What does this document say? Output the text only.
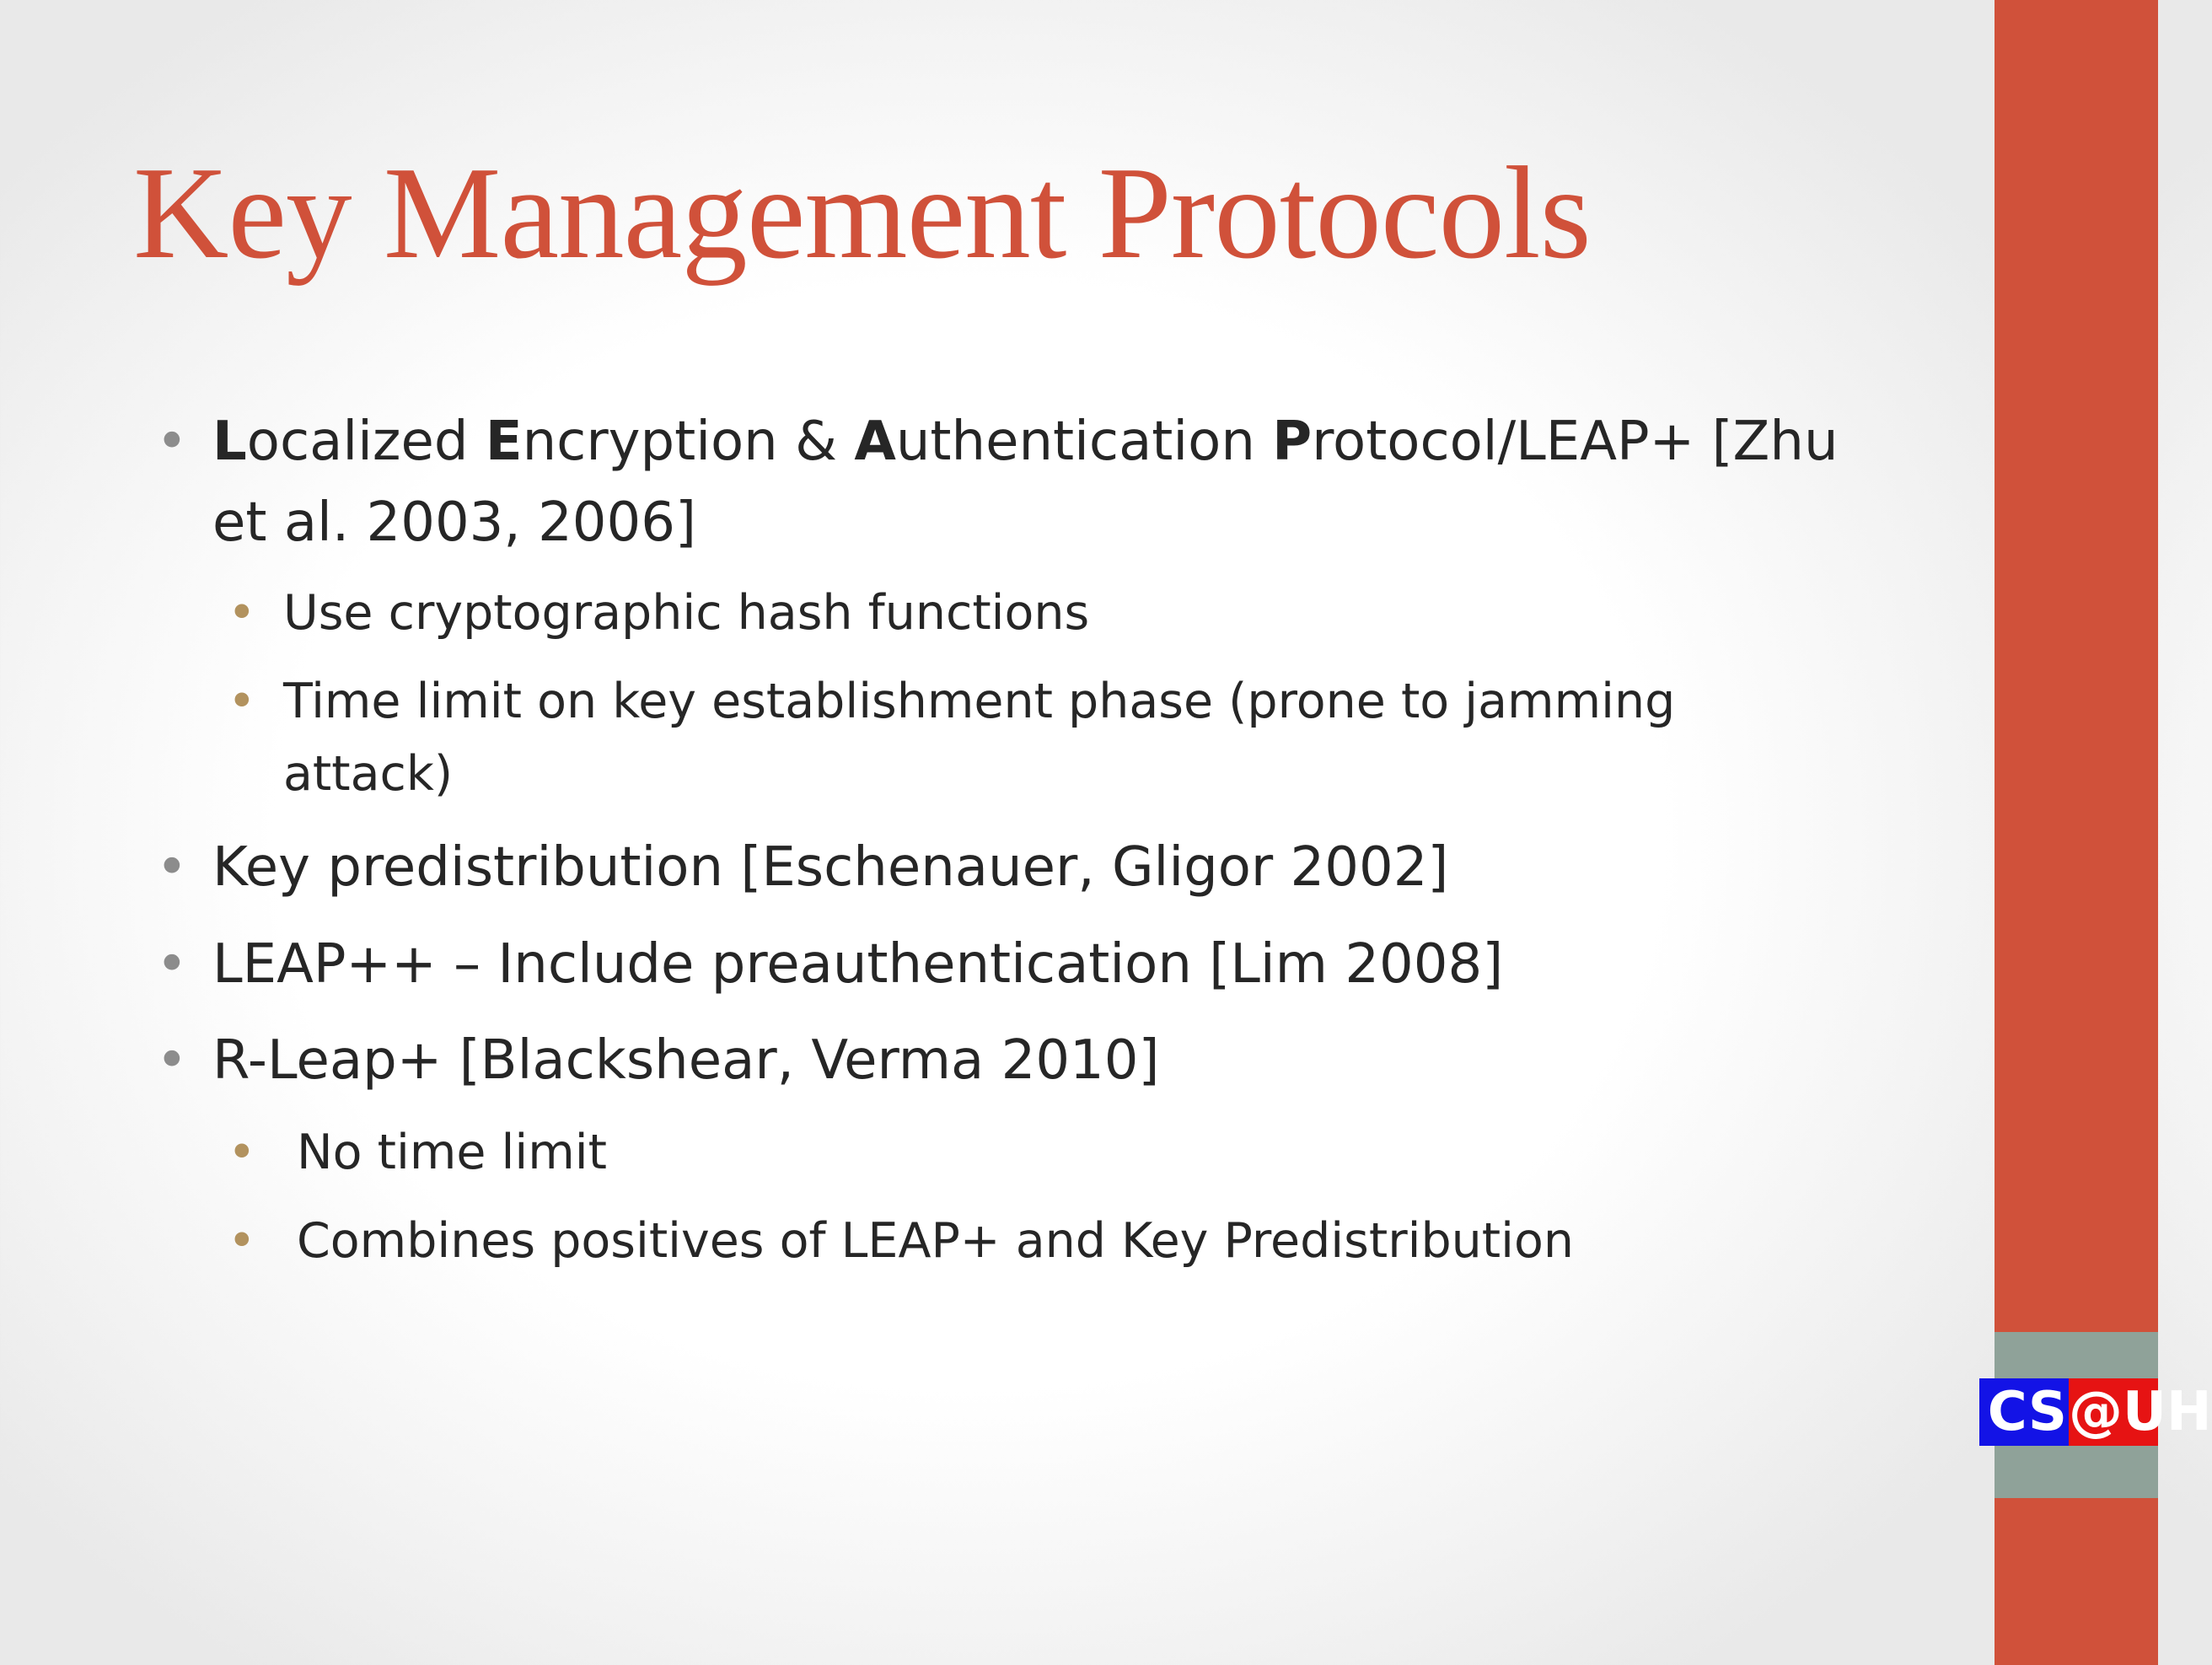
Key Management Protocols
• Localized Encryption & Authentication Protocol/LEAP+ [Zhu
et al. 2003, 2006]
• Use cryptographic hash functions
• Time limit on key establishment phase (prone to jamming
attack)
• Key predistribution [Eschenauer, Gligor 2002]
• LEAP++ – Include preauthentication [Lim 2008]
• R-Leap+ [Blackshear, Verma 2010]
• No time limit
• Combines positives of LEAP+ and Key Predistribution
CS @UH
